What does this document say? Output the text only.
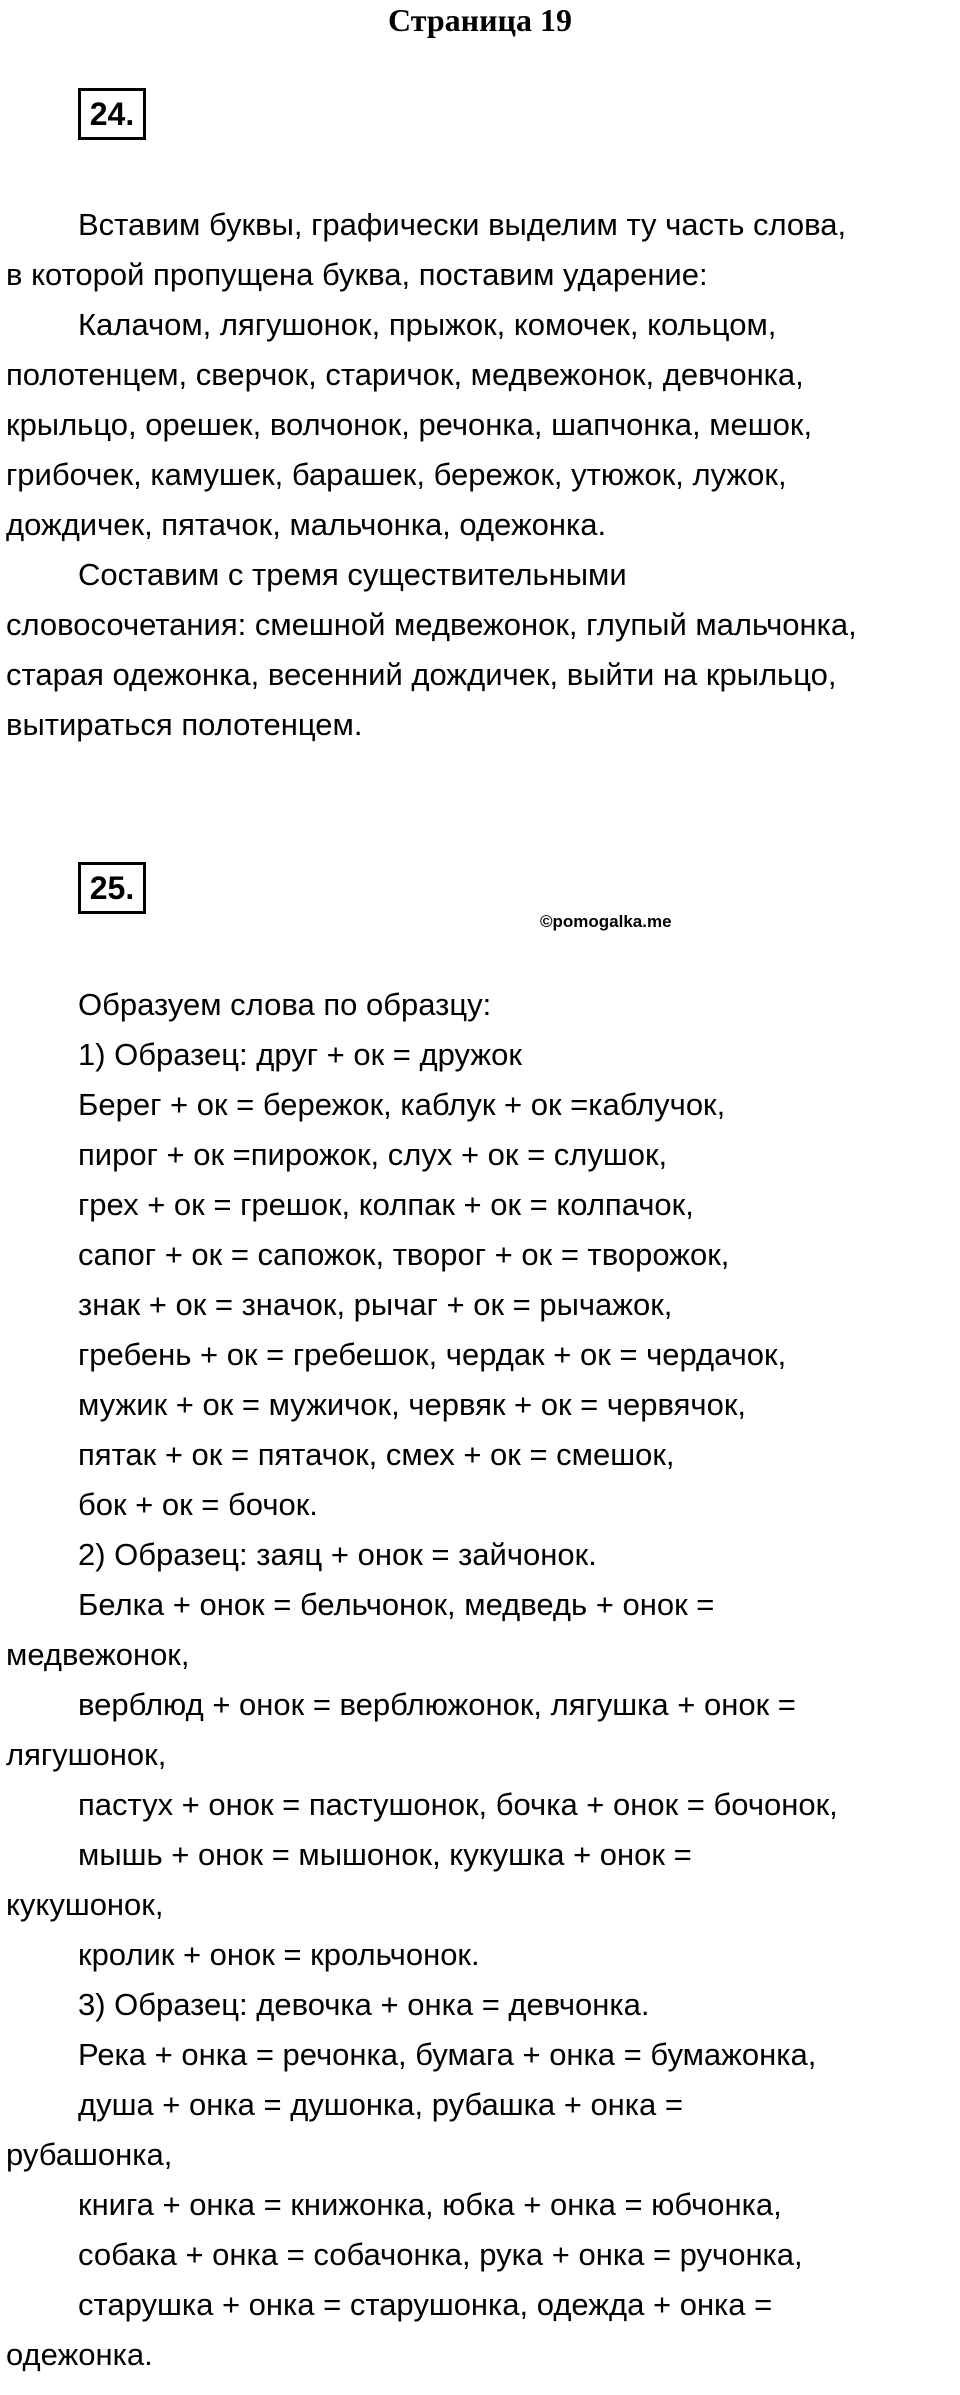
Страница 19
24.

Вставим буквы, графически выделим ту часть слова,

в которой пропущена буква, поставим ударение:

Калачом, лягушонок, прыжок, комочек, кольцом,

полотенцем, сверчок, старичок, медвежонок, девчонка,

крыльцо, орешек, волчонок, речонка, шапчонка, мешок,

грибочек, камушек, барашек, бережок, утюжок, лужок,

дождичек, пятачок, мальчонка, одежонка.

Составим с тремя существительными

словосочетания: смешной медвежонок, глупый мальчонка,

старая одежонка, весенний дождичек, выйти на крыльцо,

вытираться полотенцем.

25.
©pomogalka.me

Образуем слова по образцу:

1) Образец: друг + ок = дружок

Берег + ок = бережок, каблук + ок =каблучок,

пирог + ок =пирожок, слух + ок = слушок,

грех + ок = грешок, колпак + ок = колпачок,

сапог + ок = сапожок, творог + ок = творожок,

знак + ок = значок, рычаг + ок = рычажок,

гребень + ок = гребешок, чердак + ок = чердачок,

мужик + ок = мужичок, червяк + ок = червячок,

пятак + ок = пятачок, смех + ок = смешок,

бок + ок = бочок.

2) Образец: заяц + онок = зайчонок.

Белка + онок = бельчонок, медведь + онок =

медвежонок,

верблюд + онок = верблюжонок, лягушка + онок =

лягушонок,

пастух + онок = пастушонок, бочка + онок = бочонок,

мышь + онок = мышонок, кукушка + онок =

кукушонок,

кролик + онок = крольчонок.

3) Образец: девочка + онка = девчонка.

Река + онка = речонка, бумага + онка = бумажонка,

душа + онка = душонка, рубашка + онка =

рубашонка,

книга + онка = книжонка, юбка + онка = юбчонка,

собака + онка = собачонка, рука + онка = ручонка,

старушка + онка = старушонка, одежда + онка =

одежонка.
